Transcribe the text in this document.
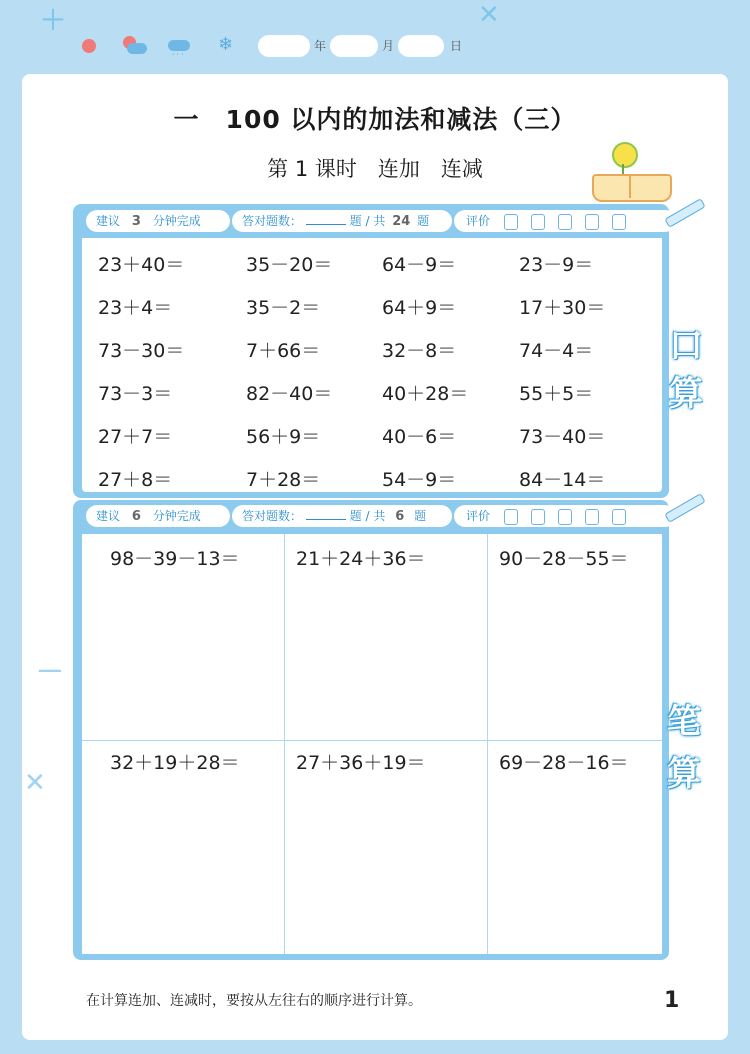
＋	✕
－
✕
' ' '
❄	年	月	日
一　100 以内的加法和减法（三）
第 1 课时　连加　连减
建议 3 分钟完成	答对题数：	题 / 共 24 题	评价
23＋40＝	35－20＝	64－9＝	23－9＝
23＋4＝	35－2＝	64＋9＝	17＋30＝
73－30＝	7＋66＝	32－8＝	74－4＝
73－3＝	82－40＝	40＋28＝	55＋5＝
27＋7＝	56＋9＝	40－6＝	73－40＝
27＋8＝	7＋28＝	54－9＝	84－14＝
口
算
建议 6 分钟完成	答对题数：	题 / 共 6 题	评价
98－39－13＝	21＋24＋36＝	90－28－55＝
32＋19＋28＝	27＋36＋19＝	69－28－16＝
笔
算
在计算连加、连减时，要按从左往右的顺序进行计算。	1
